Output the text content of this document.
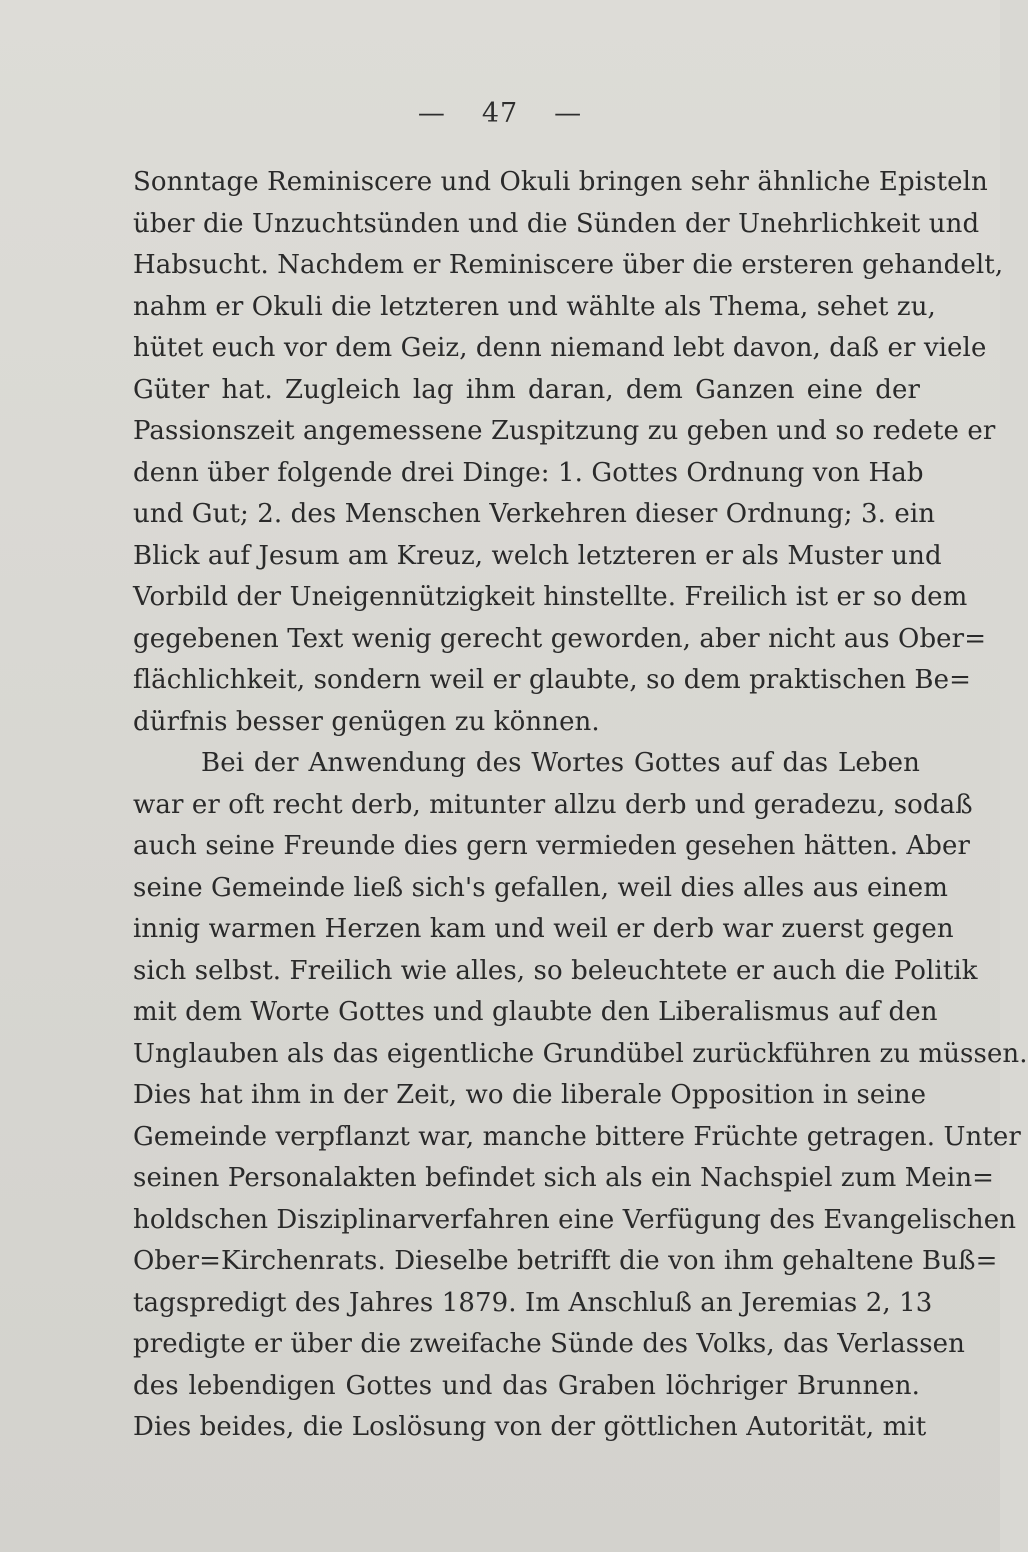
— 47 —
Sonntage Reminiscere und Okuli bringen sehr ähnliche Episteln
über die Unzuchtsünden und die Sünden der Unehrlichkeit und
Habsucht. Nachdem er Reminiscere über die ersteren gehandelt,
nahm er Okuli die letzteren und wählte als Thema, sehet zu,
hütet euch vor dem Geiz, denn niemand lebt davon, daß er viele
Güter hat. Zugleich lag ihm daran, dem Ganzen eine der
Passionszeit angemessene Zuspitzung zu geben und so redete er
denn über folgende drei Dinge: 1. Gottes Ordnung von Hab
und Gut; 2. des Menschen Verkehren dieser Ordnung; 3. ein
Blick auf Jesum am Kreuz, welch letzteren er als Muster und
Vorbild der Uneigennützigkeit hinstellte. Freilich ist er so dem
gegebenen Text wenig gerecht geworden, aber nicht aus Ober=
flächlichkeit, sondern weil er glaubte, so dem praktischen Be=
dürfnis besser genügen zu können.
Bei der Anwendung des Wortes Gottes auf das Leben
war er oft recht derb, mitunter allzu derb und geradezu, sodaß
auch seine Freunde dies gern vermieden gesehen hätten. Aber
seine Gemeinde ließ sich's gefallen, weil dies alles aus einem
innig warmen Herzen kam und weil er derb war zuerst gegen
sich selbst. Freilich wie alles, so beleuchtete er auch die Politik
mit dem Worte Gottes und glaubte den Liberalismus auf den
Unglauben als das eigentliche Grundübel zurückführen zu müssen.
Dies hat ihm in der Zeit, wo die liberale Opposition in seine
Gemeinde verpflanzt war, manche bittere Früchte getragen. Unter
seinen Personalakten befindet sich als ein Nachspiel zum Mein=
holdschen Disziplinarverfahren eine Verfügung des Evangelischen
Ober=Kirchenrats. Dieselbe betrifft die von ihm gehaltene Buß=
tagspredigt des Jahres 1879. Im Anschluß an Jeremias 2, 13
predigte er über die zweifache Sünde des Volks, das Verlassen
des lebendigen Gottes und das Graben löchriger Brunnen.
Dies beides, die Loslösung von der göttlichen Autorität, mit
